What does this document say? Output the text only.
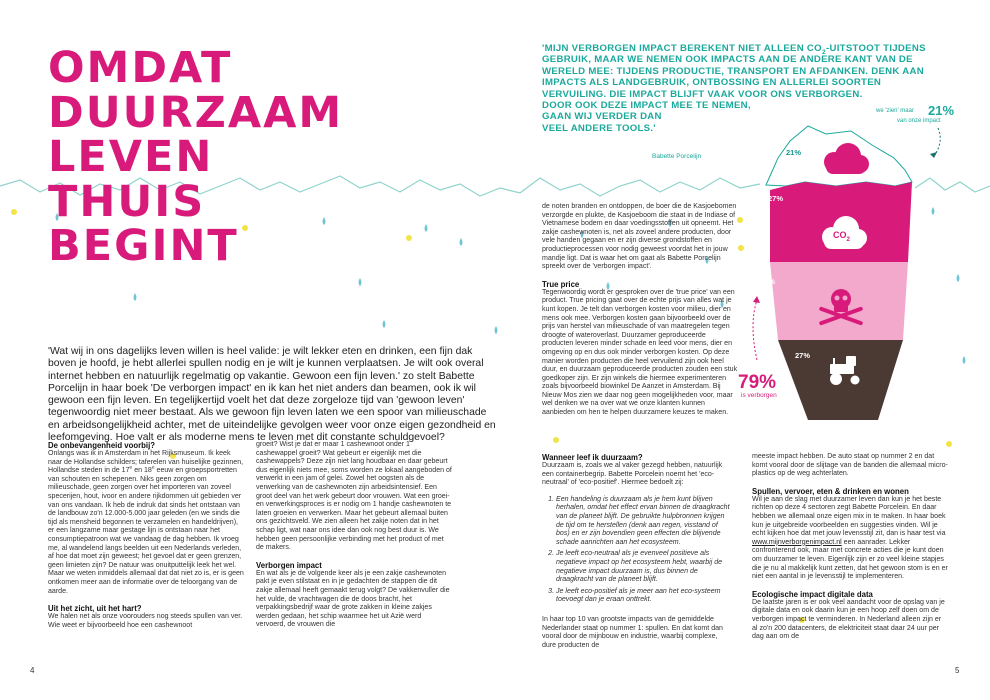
OMDAT
DUURZAAM
LEVEN
THUIS
BEGINT

'Wat wij in ons dagelijks leven willen is heel valide: je wilt lekker eten en drinken, een fijn dak boven je hoofd, je hebt allerlei spullen nodig en je wilt je kunnen verplaatsen. Je wilt ook overal internet hebben en natuurlijk regelmatig op vakantie. Gewoon een fijn leven.' zo stelt Babette Porcelijn in haar boek 'De verborgen impact' en ik kan het niet anders dan beamen, ook ik wil gewoon een fijn leven. En tegelijkertijd voelt het dat deze zorgeloze tijd van 'gewoon leven' tegenwoordig niet meer bestaat. Als we gewoon fijn leven laten we een spoor van milieuschade en arbeidsongelijkheid achter, met de uiteindelijke gevolgen weer voor onze eigen gezondheid en leefomgeving. Hoe valt er als moderne mens te leven met dit constante schuldgevoel?

De onbevangenheid voorbij?

Onlangs was ik in Amsterdam in het Rijksmuseum. Ik keek naar de Hollandse schilders; taferelen van huiselijke gezinnen, Hollandse steden in de 17e en 18e eeuw en groepsportretten van schouten en schepenen. Niks geen zorgen om milieuschade, geen zorgen over het importeren van zoveel specerijen, hout, ivoor en andere rijkdommen uit gebieden ver van ons vandaan. Ik heb de indruk dat sinds het ontstaan van de landbouw zo'n 12.000-5.000 jaar geleden (en we sinds die tijd als mensheid begonnen te verzamelen en handeldrijven), er een langzame maar gestage lijn is ontstaan naar het consumptiepatroon wat we vandaag de dag hebben. Ik vroeg me, al wandelend langs beelden uit een Nederlands verleden, af hoe dat moet zijn geweest; het gevoel dat er geen grenzen, geen limieten zijn? De natuur was onuitputtelijk leek het wel. Maar we weten inmiddels allemaal dat dat niet zo is, er is geen ontkomen meer aan de informatie over de teloorgang van de aarde.

Uit het zicht, uit het hart?

We halen net als onze voorouders nog steeds spullen van ver. Wie weet er bijvoorbeeld hoe een cashewnoot

groeit? Wist je dat er maar 1 cashewnoot onder 1 cashewappel groeit? Wat gebeurt er eigenlijk met die cashewappels? Deze zijn niet lang houdbaar en daar gebeurt dus eigenlijk niets mee, soms worden ze lokaal aangeboden of verwerkt in een jam of gelei. Zowel het oogsten als de verwerking van de cashewnoten zijn arbeidsintensief. Een groot deel van het werk gebeurt door vrouwen. Wat een groei- en verwerkingsproces is er nodig om 1 handje cashewnoten te laten groeien en verwerken. Maar het gebeurt allemaal buiten ons gezichtsveld. We zien alleen het zakje noten dat in het schap ligt, wat naar ons idee dan ook nog best duur is. We hebben geen persoonlijke verbinding met het product of met de makers.

Verborgen impact

En wat als je de volgende keer als je een zakje cashewnoten pakt je even stilstaat en in je gedachten de stappen die dit zakje allemaal heeft gemaakt terug volgt? De vakkenvuller die het vulde, de vrachtwagen die de doos bracht, het verpakkingsbedrijf waar de grote zakken in kleine zakjes werden gedaan, het schip waarmee het uit Azië werd vervoerd, de vrouwen die

de noten branden en ontdoppen, de boer die de Kasjoebomen verzorgde en plukte, de Kasjoeboom die staat in de Indiase of Vietnamese bodem en daar voedingsstoffen uit opneemt. Het zakje cashewnoten is, net als zoveel andere producten, door vele handen gegaan en er zijn diverse grondstoffen en productieprocessen voor nodig geweest voordat het in jouw mandje ligt. Dat is waar het om gaat als Babette Porcelijn spreekt over de 'verborgen impact'.

True price

Tegenwoordig wordt er gesproken over de 'true price' van een product. True pricing gaat over de echte prijs van alles wat je kunt kopen. Je telt dan verborgen kosten voor milieu, dier en mens ook mee. Verborgen kosten gaan bijvoorbeeld over de prijs van herstel van milieuschade of van maatregelen tegen droogte of wateroverlast. Duurzamer geproduceerde producten leveren minder schade en leed voor mens, dier en omgeving op en dus ook minder verborgen kosten. Op deze manier worden producten die heel vervuilend zijn ook heel duur, en duurzaam geproduceerde producten zouden een stuk goedkoper zijn. Er zijn winkels die hiermee experimenteren zoals bijvoorbeeld biowinkel De Aanzet in Amsterdam. Bij Nieuw Mos zien we daar nog geen mogelijkheden voor, maar wel denken we na over wat we onze klanten kunnen aanbieden om hen te helpen duurzamere keuzes te maken.

Wanneer leef ik duurzaam?

Duurzaam is, zoals we al vaker gezegd hebben, natuurlijk een containerbegrip. Babette Porcelein noemt het 'eco-neutraal' of 'eco-positief'. Hiermee bedoelt zij:

1. Een handeling is duurzaam als je hem kunt blijven herhalen, omdat het effect ervan binnen de draagkracht van de planeet blijft. De gebruikte hulpbronnen krijgen de tijd om te herstellen (denk aan regen, visstand of bos) en er zijn bovendien geen effecten die blijvende schade aanrichten aan het ecosysteem.
2. Je leeft eco-neutraal als je evenveel positieve als negatieve impact op het ecosysteem hebt, waarbij de negatieve impact duurzaam is, dus binnen de draagkracht van de planeet blijft.
3. Je leeft eco-positief als je meer aan het eco-systeem toevoegt dan je eraan onttrekt.

In haar top 10 van grootste impacts van de gemiddelde Nederlander staat op nummer 1: spullen. En dat komt dan vooral door de mijnbouw en industrie, waarbij complexe, dure producten de

meeste impact hebben. De auto staat op nummer 2 en dat komt vooral door de slijtage van de banden die allemaal micro-plastics op de weg achterlaten.

Spullen, vervoer, eten & drinken en wonen

Wil je aan de slag met duurzamer leven dan kun je het beste richten op deze 4 sectoren zegt Babette Porcelein. En daar hebben we allemaal onze eigen mix in te maken. In haar boek kun je uitgebreide voorbeelden en suggesties vinden. Wil je echt kijken hoe dat met jouw levensstijl zit, dan is haar test via www.mijnverborgenimpact.nl een aanrader. Lekker confronterend ook, maar met concrete acties die je kunt doen om duurzamer te leven. Eigenlijk zijn er zo veel kleine stapjes die je nu al makkelijk kunt zetten, dat het gewoon stom is en er niet een aantal in je levensstijl te implementeren.

Ecologische impact digitale data

De laatste jaren is er ook veel aandacht voor de opslag van je digitale data en ook daarin kun je een hoop zelf doen om de verborgen impact te verminderen. In Nederland alleen zijn er al zo'n 200 datacenters, de elektriciteit staat daar 24 uur per dag aan om de

'MIJN VERBORGEN IMPACT BEREKENT NIET ALLEEN $CO_2$-UITSTOOT TIJDENS GEBRUIK, MAAR WE NEMEN OOK IMPACTS AAN DE ANDERE KANT VAN DE WERELD MEE: TIJDENS PRODUCTIE, TRANSPORT EN AFDANKEN. DENK AAN IMPACTS ALS LANDGEBRUIK, ONTBOSSING EN ALLERLEI SOORTEN VERVUILING. DIE IMPACT BLIJFT VAAK VOOR ONS VERBORGEN.
DOOR OOK DEZE IMPACT MEE TE NEMEN,
GAAN WIJ VERDER DAN
VEEL ANDERE TOOLS.'

Babette Porcelijn
we 'zien' maar 21%
van onze impact
21%
27%
24%
27%
$CO_2$
$CO_2$
79%
is verborgen
4	5
